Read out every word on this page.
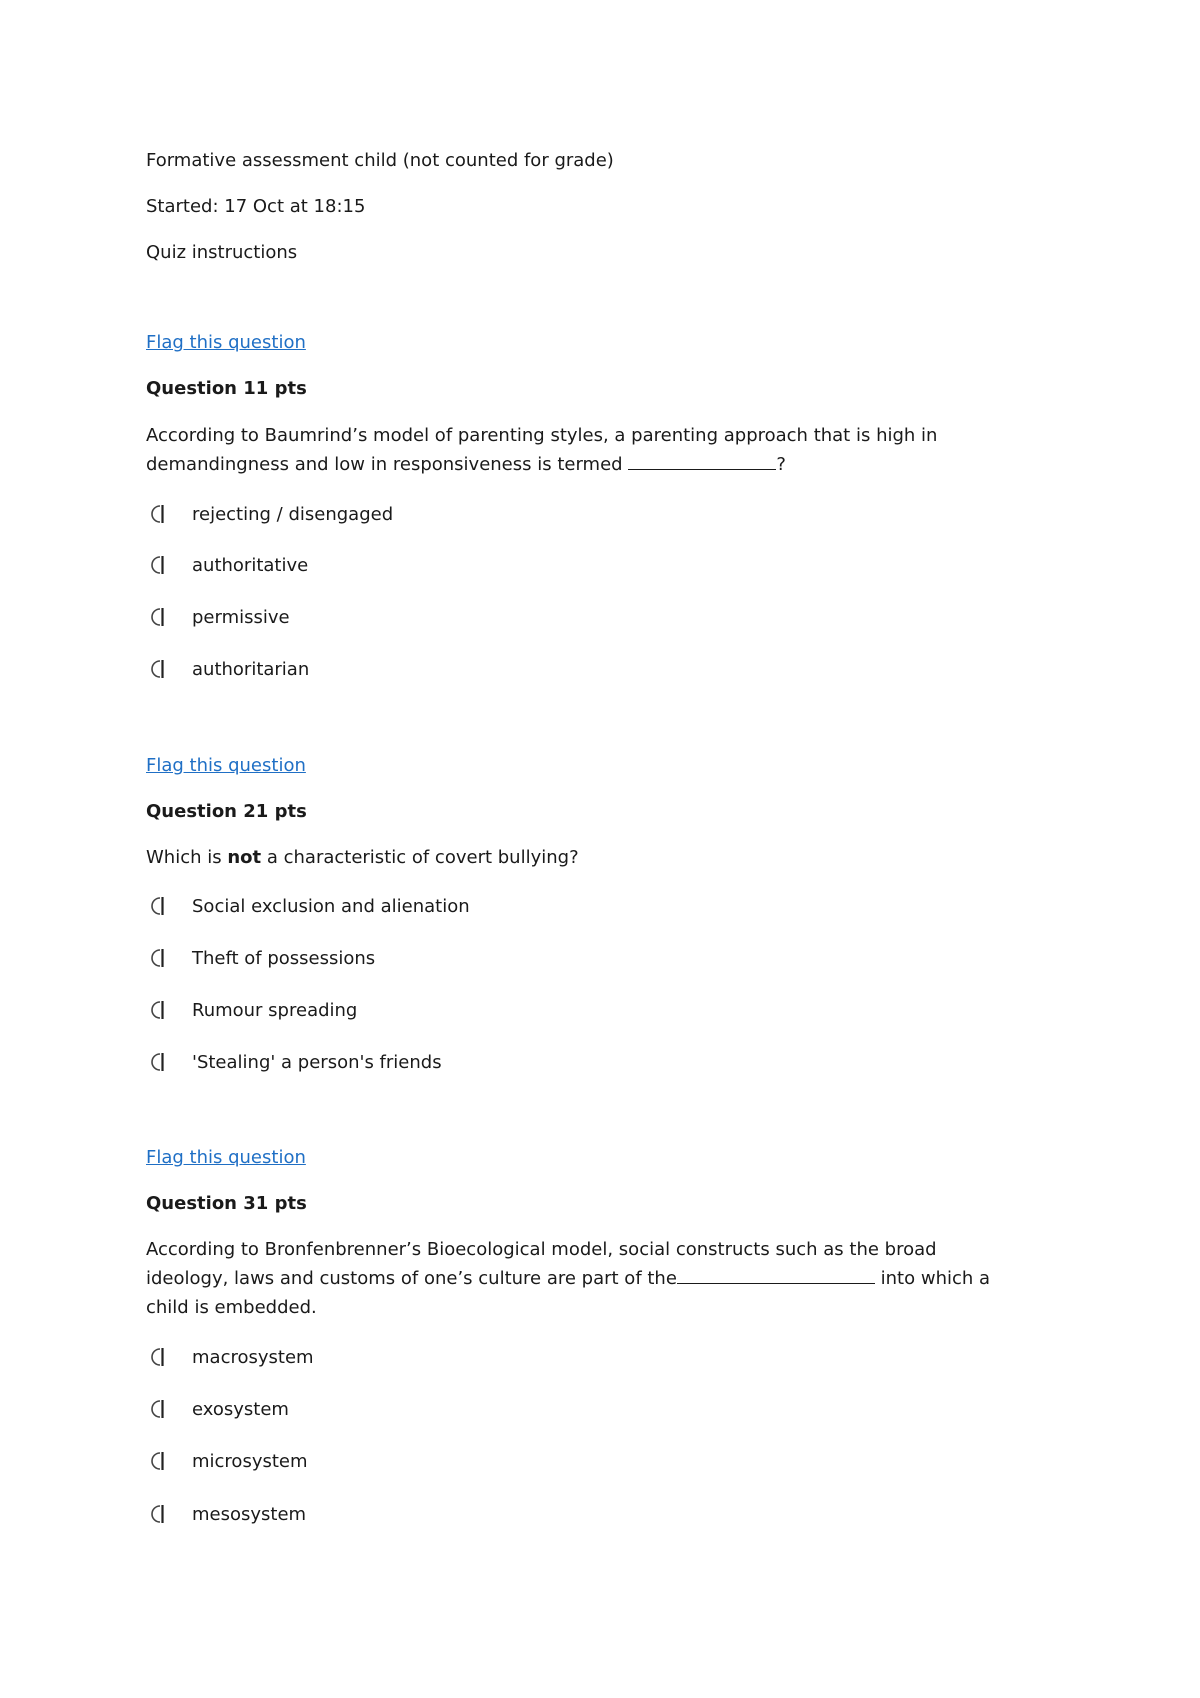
Formative assessment child (not counted for grade)
Started: 17 Oct at 18:15
Quiz instructions
Flag this question
Question 11 pts
According to Baumrind’s model of parenting styles, a parenting approach that is high in demandingness and low in responsiveness is termed	?
rejecting / disengaged
authoritative
permissive
authoritarian
Flag this question
Question 21 pts
Which is not a characteristic of covert bullying?
Social exclusion and alienation
Theft of possessions
Rumour spreading
'Stealing' a person's friends
Flag this question
Question 31 pts
According to Bronfenbrenner’s Bioecological model, social constructs such as the broad ideology, laws and customs of one’s culture are part of the	into which a child is embedded.
macrosystem
exosystem
microsystem
mesosystem
